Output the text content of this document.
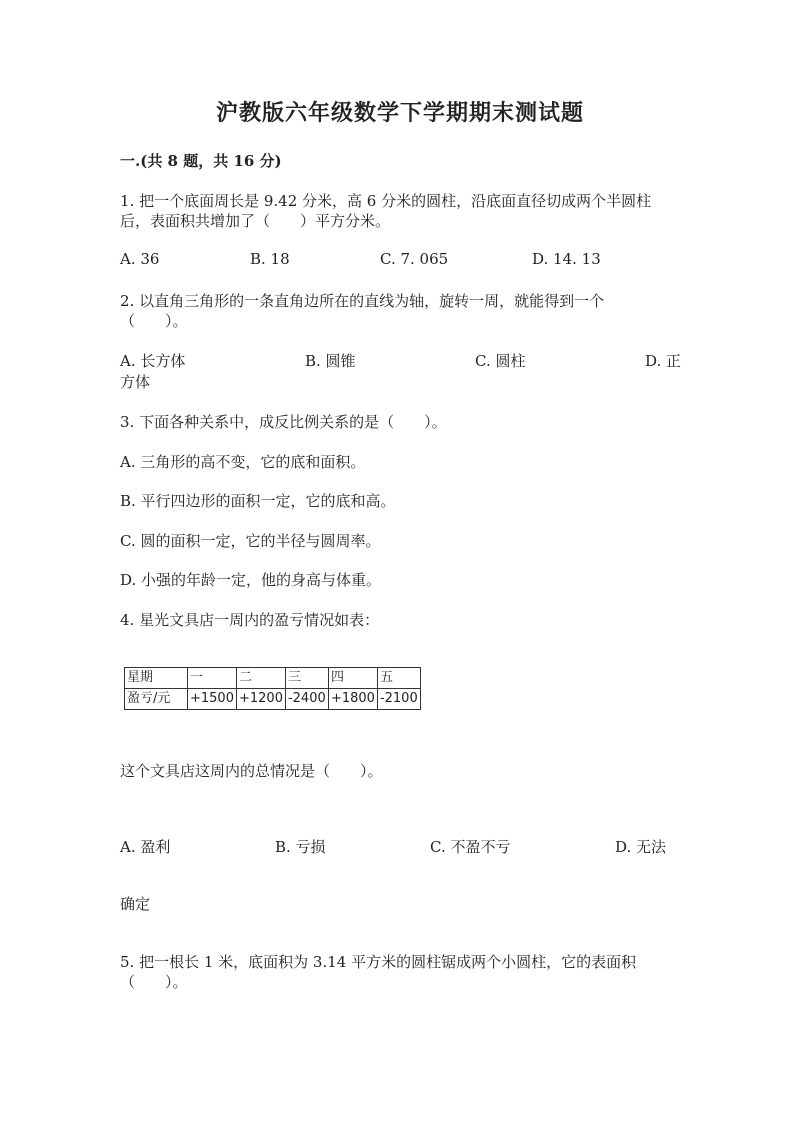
沪教版六年级数学下学期期末测试题
一.(共 8 题，共 16 分)
1. 把一个底面周长是 9.42 分米，高 6 分米的圆柱，沿底面直径切成两个半圆柱
后，表面积共增加了（　　）平方分米。
A. 36	B. 18	C. 7. 065	D. 14. 13
2. 以直角三角形的一条直角边所在的直线为轴，旋转一周，就能得到一个
（　　）。
A. 长方体	B. 圆锥	C. 圆柱	D. 正
方体
3. 下面各种关系中，成反比例关系的是（　　）。
A. 三角形的高不变，它的底和面积。
B. 平行四边形的面积一定，它的底和高。
C. 圆的面积一定，它的半径与圆周率。
D. 小强的年龄一定，他的身高与体重。
4. 星光文具店一周内的盈亏情况如表：
星期	一	二	三	四	五
盈亏/元	+1500	+1200	-2400	+1800	-2100
这个文具店这周内的总情况是（　　）。
A. 盈利	B. 亏损	C. 不盈不亏	D. 无法
确定
5. 把一根长 1 米，底面积为 3.14 平方米的圆柱锯成两个小圆柱，它的表面积
（　　）。
